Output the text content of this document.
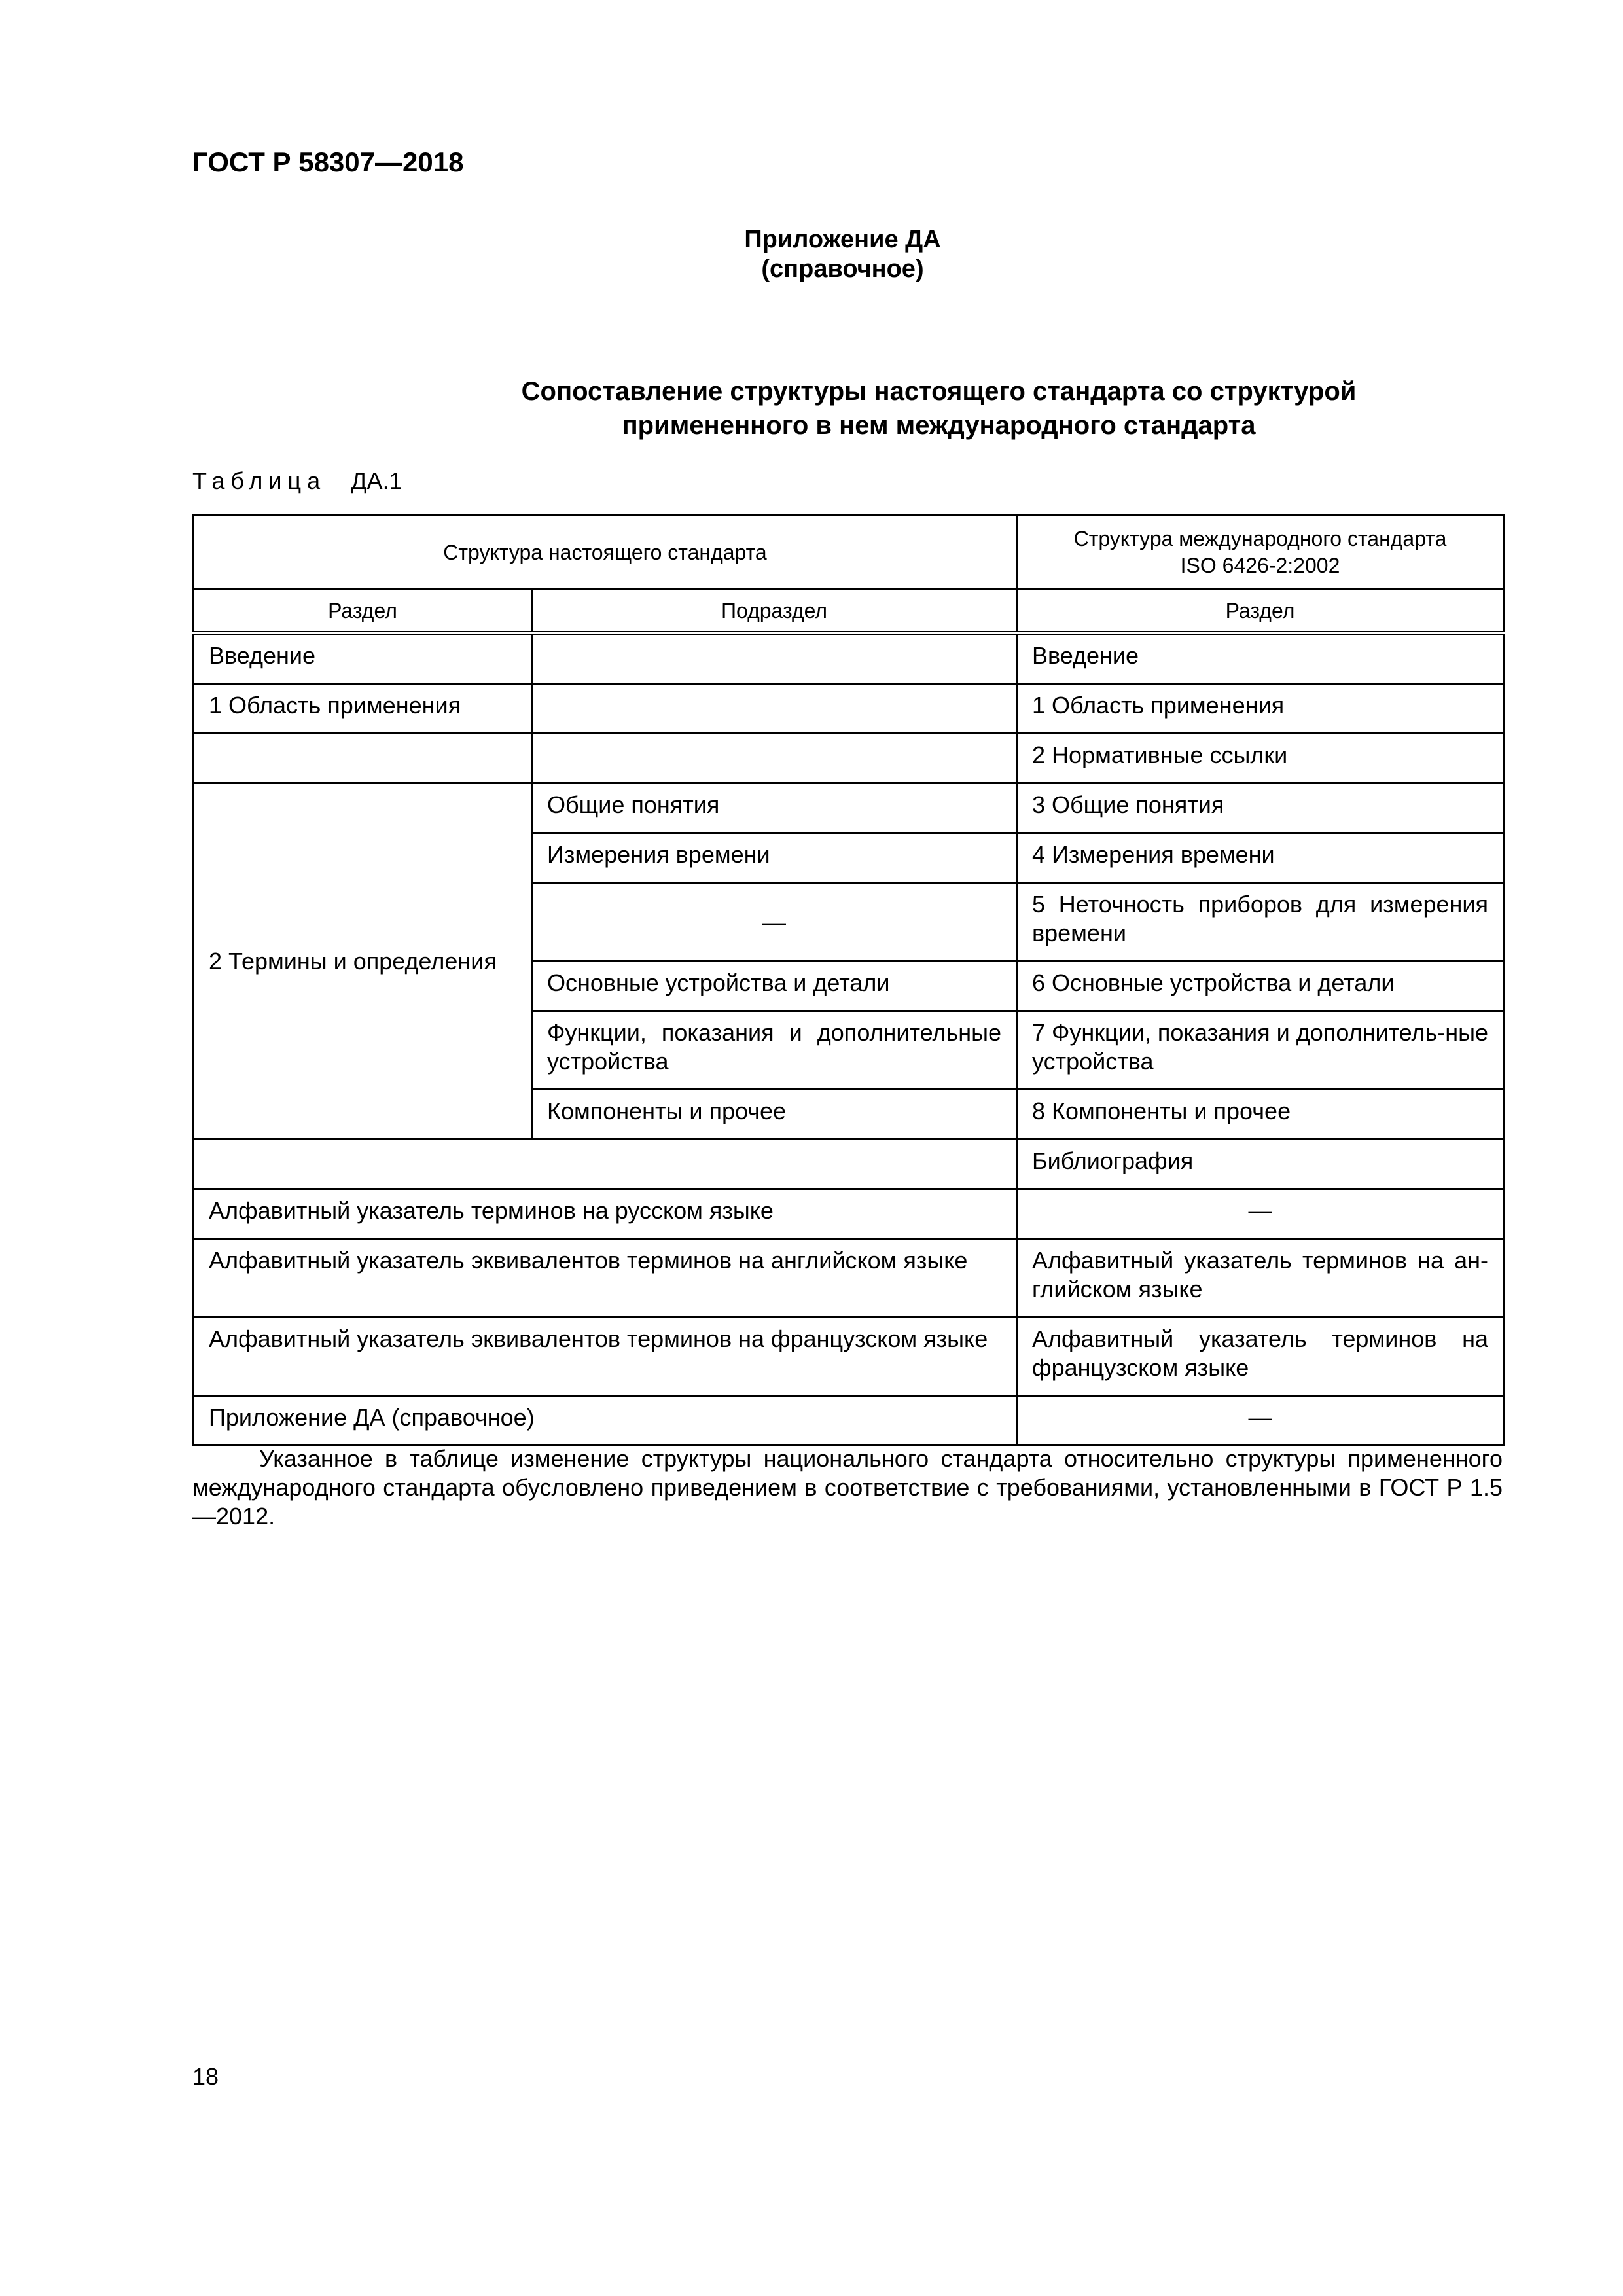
ГОСТ Р 58307—2018
Приложение ДА
(справочное)
Сопоставление структуры настоящего стандарта со структурой
примененного в нем международного стандарта
Таблица ДА.1
Структура настоящего стандарта		Структура международного стандарта
ISO 6426-2:2002

Раздел	Подраздел	Раздел
Введение		Введение
1 Область применения		1 Область применения
		2 Нормативные ссылки
2 Термины и определения	Общие понятия	3 Общие понятия
	Измерения времени	4 Измерения времени
	—	5 Неточность приборов для измерения времени
	Основные устройства и детали	6 Основные устройства и детали
	Функции, показания и дополнительные устройства	7 Функции, показания и дополнитель-ные устройства
	Компоненты и прочее	8 Компоненты и прочее
		Библиография
Алфавитный указатель терминов на русском языке		—
Алфавитный указатель эквивалентов терминов на английском языке		Алфавитный указатель терминов на ан-глийском языке
Алфавитный указатель эквивалентов терминов на французском языке		Алфавитный указатель терминов на французском языке
Приложение ДА (справочное)		—

Указанное в таблице изменение структуры национального стандарта относительно структуры примененного международного стандарта обусловлено приведением в соответствие с требованиями, установленными в ГОСТ Р 1.5—2012.

18
